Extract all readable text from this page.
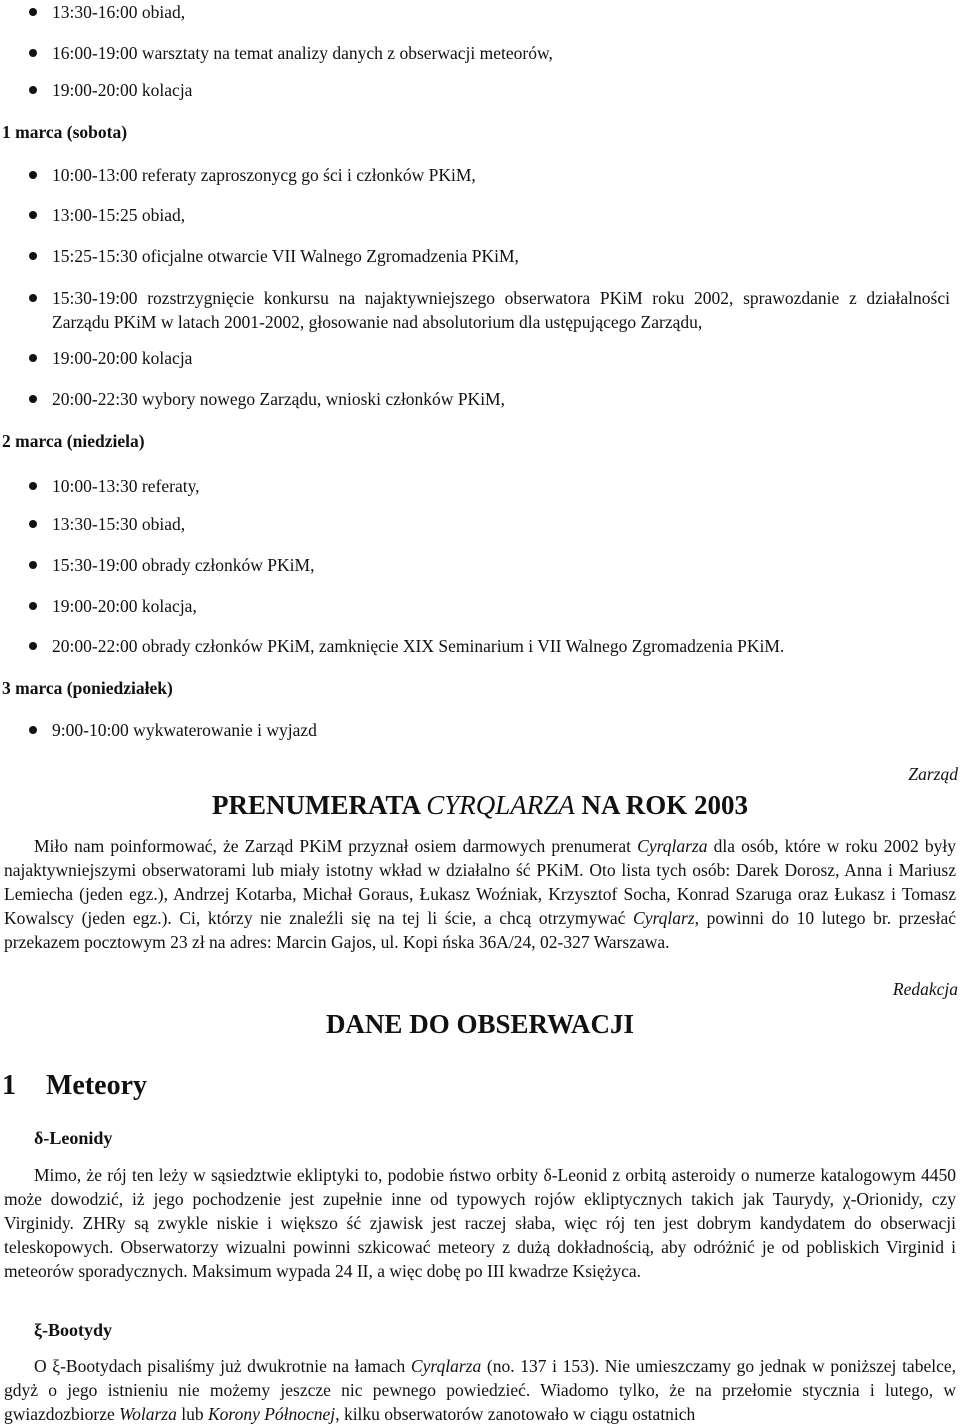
13:30-16:00 obiad,
16:00-19:00 warsztaty na temat analizy danych z obserwacji meteorów,
19:00-20:00 kolacja
1 marca (sobota)
10:00-13:00 referaty zaproszonycg go ści i członków PKiM,
13:00-15:25 obiad,
15:25-15:30 oficjalne otwarcie VII Walnego Zgromadzenia PKiM,
15:30-19:00 rozstrzygnięcie konkursu na najaktywniejszego obserwatora PKiM roku 2002, sprawozdanie z działalności Zarządu PKiM w latach 2001-2002, głosowanie nad absolutorium dla ustępującego Zarządu,
19:00-20:00 kolacja
20:00-22:30 wybory nowego Zarządu, wnioski członków PKiM,
2 marca (niedziela)
10:00-13:30 referaty,
13:30-15:30 obiad,
15:30-19:00 obrady członków PKiM,
19:00-20:00 kolacja,
20:00-22:00 obrady członków PKiM, zamknięcie XIX Seminarium i VII Walnego Zgromadzenia PKiM.
3 marca (poniedziałek)
9:00-10:00 wykwaterowanie i wyjazd
Zarząd
PRENUMERATA CYRQLARZA NA ROK 2003
Miło nam poinformować, że Zarząd PKiM przyznał osiem darmowych prenumerat Cyrqlarza dla osób, które w roku 2002 były najaktywniejszymi obserwatorami lub miały istotny wkład w działalno ść PKiM. Oto lista tych osób: Darek Dorosz, Anna i Mariusz Lemiecha (jeden egz.), Andrzej Kotarba, Michał Goraus, Łukasz Woźniak, Krzysztof Socha, Konrad Szaruga oraz Łukasz i Tomasz Kowalscy (jeden egz.). Ci, którzy nie znaleźli się na tej li ście, a chcą otrzymywać Cyrqlarz, powinni do 10 lutego br. przesłać przekazem pocztowym 23 zł na adres: Marcin Gajos, ul. Kopi ńska 36A/24, 02-327 Warszawa.
Redakcja
DANE DO OBSERWACJI
1 Meteory
δ-Leonidy
Mimo, że rój ten leży w sąsiedztwie ekliptyki to, podobie ństwo orbity δ-Leonid z orbitą asteroidy o numerze katalogowym 4450 może dowodzić, iż jego pochodzenie jest zupełnie inne od typowych rojów ekliptycznych takich jak Taurydy, χ-Orionidy, czy Virginidy. ZHRy są zwykle niskie i większo ść zjawisk jest raczej słaba, więc rój ten jest dobrym kandydatem do obserwacji teleskopowych. Obserwatorzy wizualni powinni szkicować meteory z dużą dokładnością, aby odróżnić je od pobliskich Virginid i meteorów sporadycznych. Maksimum wypada 24 II, a więc dobę po III kwadrze Księżyca.
ξ-Bootydy
O ξ-Bootydach pisaliśmy już dwukrotnie na łamach Cyrqlarza (no. 137 i 153). Nie umieszczamy go jednak w poniższej tabelce, gdyż o jego istnieniu nie możemy jeszcze nic pewnego powiedzieć. Wiadomo tylko, że na przełomie stycznia i lutego, w gwiazdozbiorze Wolarza lub Korony Północnej, kilku obserwatorów zanotowało w ciągu ostatnich
